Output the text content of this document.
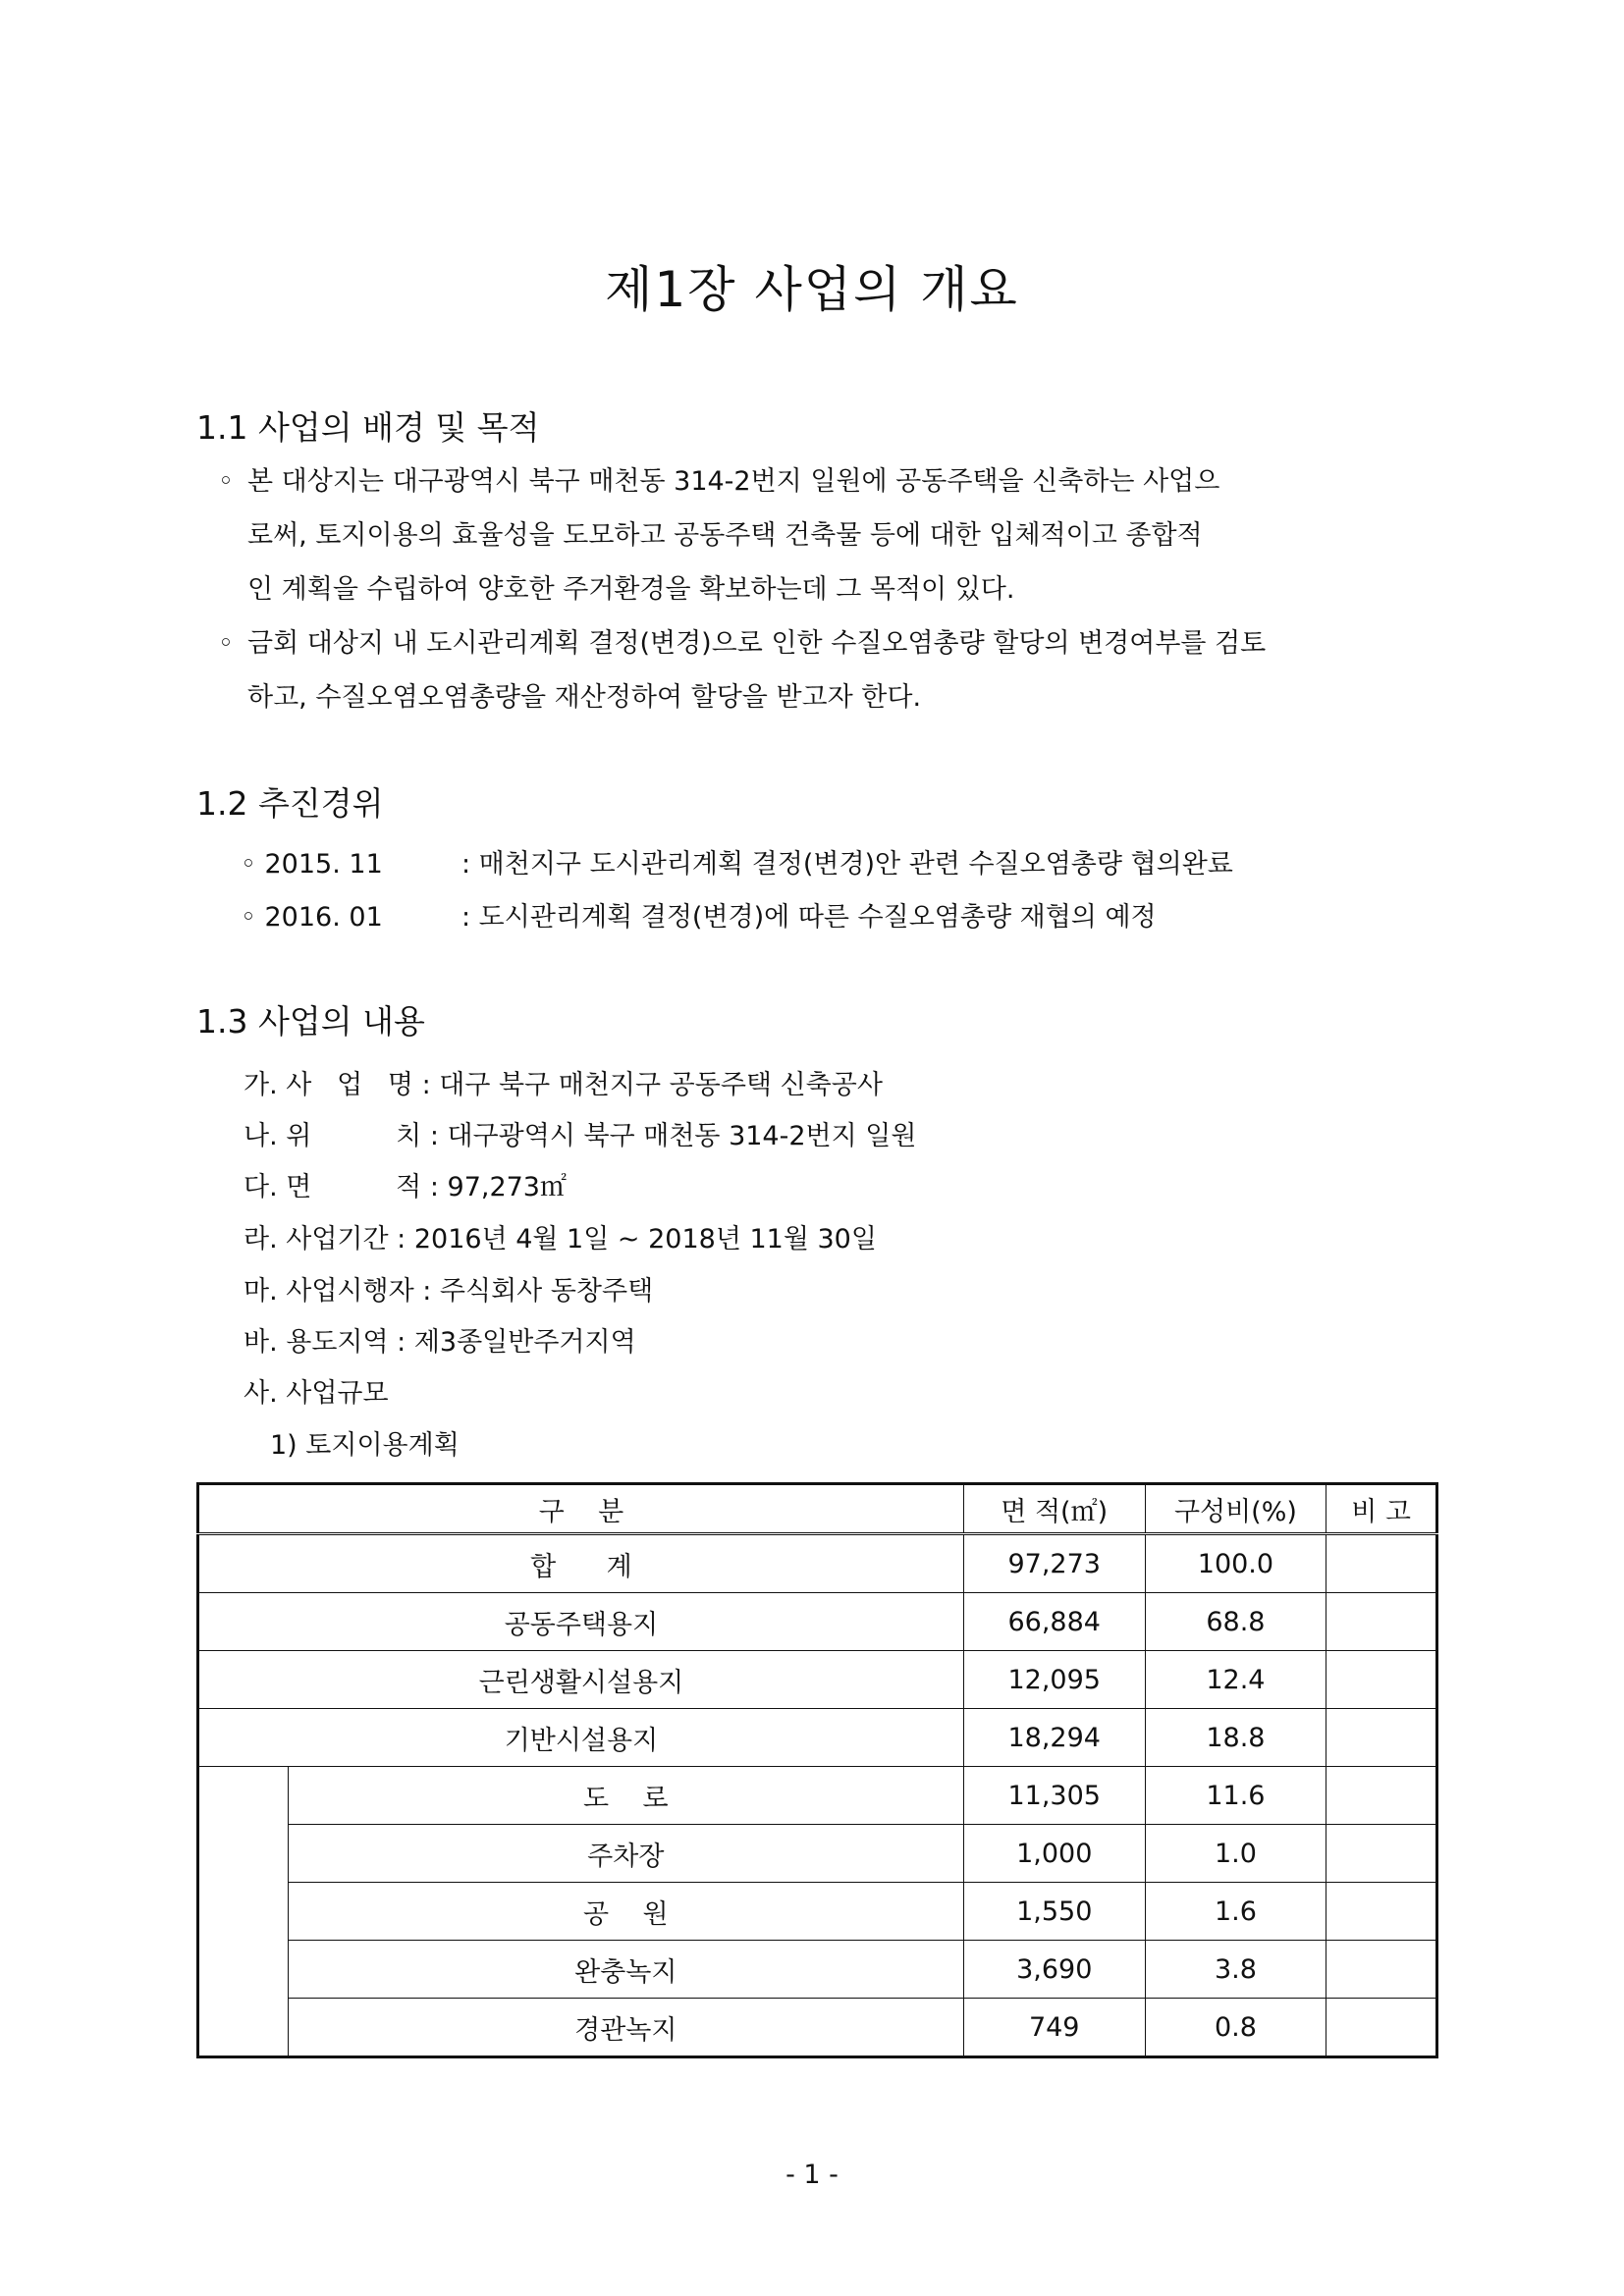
제1장 사업의 개요
1.1 사업의 배경 및 목적
◦ 본 대상지는 대구광역시 북구 매천동 314-2번지 일원에 공동주택을 신축하는 사업으
로써, 토지이용의 효율성을 도모하고 공동주택 건축물 등에 대한 입체적이고 종합적
인 계획을 수립하여 양호한 주거환경을 확보하는데 그 목적이 있다.
◦ 금회 대상지 내 도시관리계획 결정(변경)으로 인한 수질오염총량 할당의 변경여부를 검토
하고, 수질오염오염총량을 재산정하여 할당을 받고자 한다.
1.2 추진경위
◦ 2015. 11	: 매천지구 도시관리계획 결정(변경)안 관련 수질오염총량 협의완료
◦ 2016. 01	: 도시관리계획 결정(변경)에 따른 수질오염총량 재협의 예정
1.3 사업의 내용
가. 사   업   명 : 대구 북구 매천지구 공동주택 신축공사
나. 위          치 : 대구광역시 북구 매천동 314-2번지 일원
다. 면          적 : 97,273㎡
라. 사업기간 : 2016년 4월 1일 ~ 2018년 11월 30일
마. 사업시행자 : 주식회사 동창주택
바. 용도지역 : 제3종일반주거지역
사. 사업규모
1) 토지이용계획
구    분		면 적(㎡)	구성비(%)	비 고
합      계		97,273	100.0	
공동주택용지		66,884	68.8	
근린생활시설용지		12,095	12.4	
기반시설용지		18,294	18.8	
	도    로	11,305	11.6	
	주차장	1,000	1.0	
	공    원	1,550	1.6	
	완충녹지	3,690	3.8	
	경관녹지	749	0.8	
- 1 -
